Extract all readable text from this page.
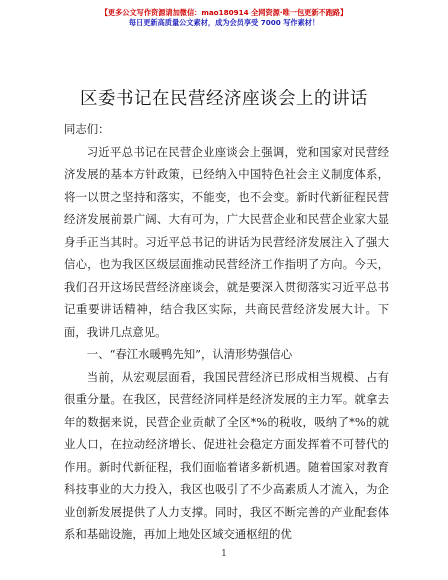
【更多公文写作资源请加微信：mao180914 全网资源·唯一包更新不跑路】
每日更新高质量公文素材，成为会员享受 7000 写作素材！
区委书记在民营经济座谈会上的讲话

同志们：

习近平总书记在民营企业座谈会上强调，党和国家对民营经济发展的基本方针政策，已经纳入中国特色社会主义制度体系，将一以贯之坚持和落实，不能变，也不会变。新时代新征程民营经济发展前景广阔、大有可为，广大民营企业和民营企业家大显身手正当其时。习近平总书记的讲话为民营经济发展注入了强大信心，也为我区区级层面推动民营经济工作指明了方向。今天，我们召开这场民营经济座谈会，就是要深入贯彻落实习近平总书记重要讲话精神，结合我区实际，共商民营经济发展大计。下面，我讲几点意见。

一、“春江水暖鸭先知”，认清形势强信心

当前，从宏观层面看，我国民营经济已形成相当规模、占有很重分量。在我区，民营经济同样是经济发展的主力军。就拿去年的数据来说，民营企业贡献了全区*%的税收，吸纳了*%的就业人口，在拉动经济增长、促进社会稳定方面发挥着不可替代的作用。新时代新征程，我们面临着诸多新机遇。随着国家对教育科技事业的大力投入，我区也吸引了不少高素质人才流入，为企业创新发展提供了人力支撑。同时，我区不断完善的产业配套体系和基础设施，再加上地处区域交通枢纽的优

1
